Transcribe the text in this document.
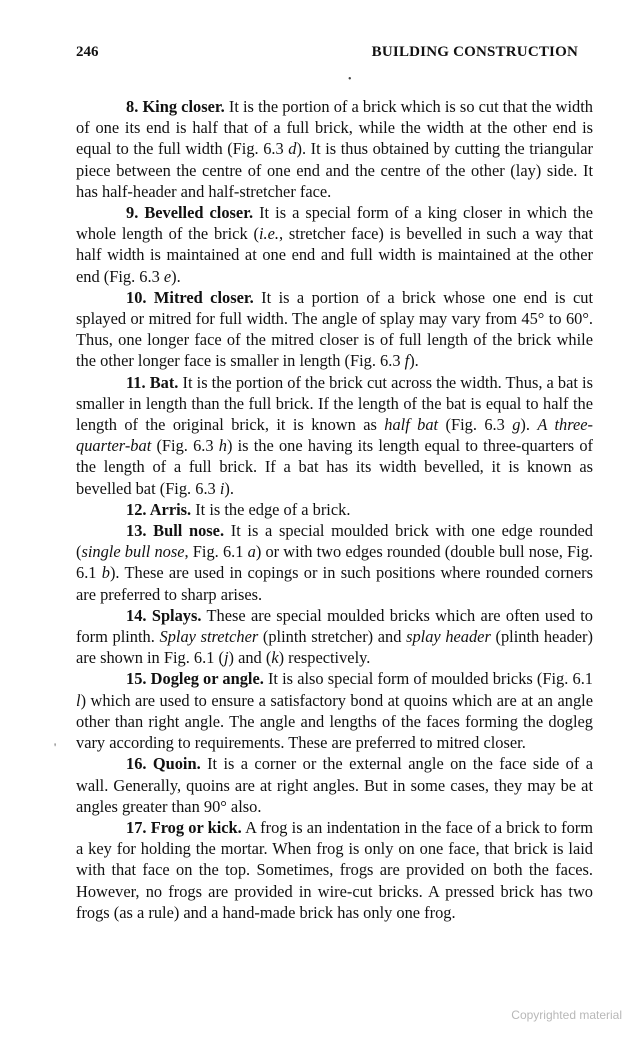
246	BUILDING CONSTRUCTION
•

8. King closer. It is the portion of a brick which is so cut that the width of one its end is half that of a full brick, while the width at the other end is equal to the full width (Fig. 6.3 d). It is thus obtained by cutting the triangular piece between the centre of one end and the centre of the other (lay) side. It has half-header and half-stretcher face.

9. Bevelled closer. It is a special form of a king closer in which the whole length of the brick (i.e., stretcher face) is bevelled in such a way that half width is maintained at one end and full width is maintained at the other end (Fig. 6.3 e).

10. Mitred closer. It is a portion of a brick whose one end is cut splayed or mitred for full width. The angle of splay may vary from 45° to 60°. Thus, one longer face of the mitred closer is of full length of the brick while the other longer face is smaller in length (Fig. 6.3 f).

11. Bat. It is the portion of the brick cut across the width. Thus, a bat is smaller in length than the full brick. If the length of the bat is equal to half the length of the original brick, it is known as half bat (Fig. 6.3 g). A three-quarter-bat (Fig. 6.3 h) is the one having its length equal to three-quarters of the length of a full brick. If a bat has its width bevelled, it is known as bevelled bat (Fig. 6.3 i).

12. Arris. It is the edge of a brick.

13. Bull nose. It is a special moulded brick with one edge rounded (single bull nose, Fig. 6.1 a) or with two edges rounded (double bull nose, Fig. 6.1 b). These are used in copings or in such positions where rounded corners are preferred to sharp arises.

14. Splays. These are special moulded bricks which are often used to form plinth. Splay stretcher (plinth stretcher) and splay header (plinth header) are shown in Fig. 6.1 (j) and (k) respectively.

15. Dogleg or angle. It is also special form of moulded bricks (Fig. 6.1 l) which are used to ensure a satisfactory bond at quoins which are at an angle other than right angle. The angle and lengths of the faces forming the dogleg vary according to requirements. These are preferred to mitred closer.

16. Quoin. It is a corner or the external angle on the face side of a wall. Generally, quoins are at right angles. But in some cases, they may be at angles greater than 90° also.

17. Frog or kick. A frog is an indentation in the face of a brick to form a key for holding the mortar. When frog is only on one face, that brick is laid with that face on the top. Sometimes, frogs are provided on both the faces. However, no frogs are provided in wire-cut bricks. A pressed brick has two frogs (as a rule) and a hand-made brick has only one frog.

'
Copyrighted material
